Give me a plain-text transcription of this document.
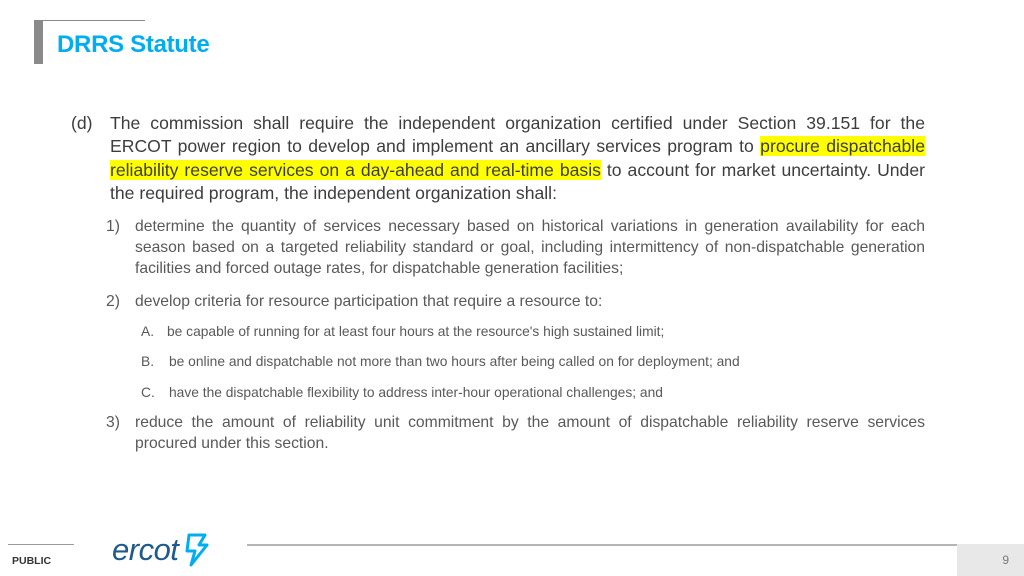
DRRS Statute
(d) The commission shall require the independent organization certified under Section 39.151 for the ERCOT power region to develop and implement an ancillary services program to procure dispatchable reliability reserve services on a day-ahead and real-time basis to account for market uncertainty. Under the required program, the independent organization shall:
1) determine the quantity of services necessary based on historical variations in generation availability for each season based on a targeted reliability standard or goal, including intermittency of non-dispatchable generation facilities and forced outage rates, for dispatchable generation facilities;
2) develop criteria for resource participation that require a resource to:
A. be capable of running for at least four hours at the resource's high sustained limit;
B.	be online and dispatchable not more than two hours after being called on for deployment; and
C.	have the dispatchable flexibility to address inter-hour operational challenges; and
3) reduce the amount of reliability unit commitment by the amount of dispatchable reliability reserve services procured under this section.
PUBLIC ercot	9
